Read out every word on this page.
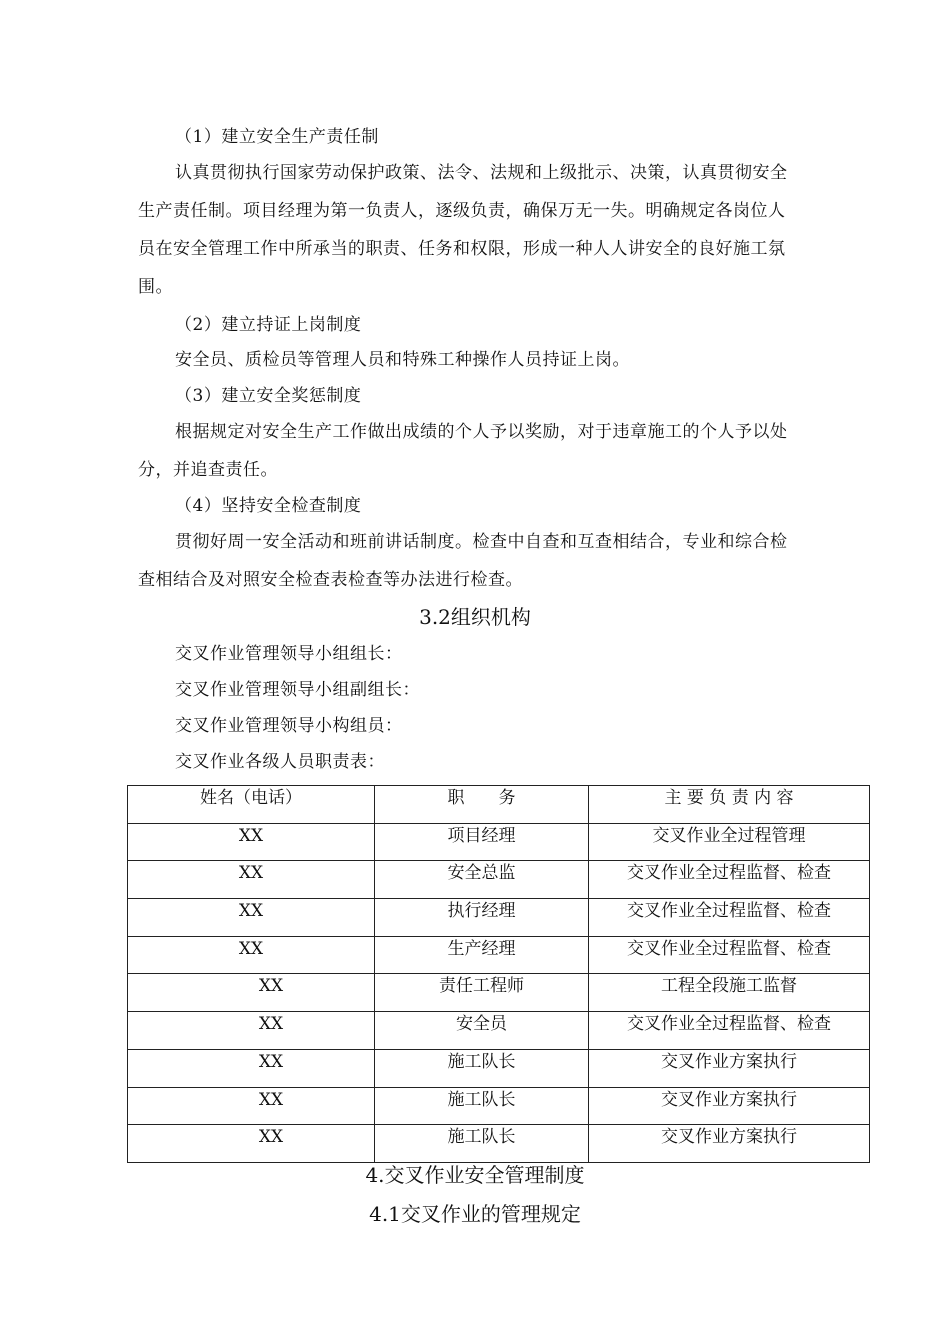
（1）建立安全生产责任制
认真贯彻执行国家劳动保护政策、法令、法规和上级批示、决策，认真贯彻安全
生产责任制。项目经理为第一负责人，逐级负责，确保万无一失。明确规定各岗位人
员在安全管理工作中所承当的职责、任务和权限，形成一种人人讲安全的良好施工氛
围。
（2）建立持证上岗制度
安全员、质检员等管理人员和特殊工种操作人员持证上岗。
（3）建立安全奖惩制度
根据规定对安全生产工作做出成绩的个人予以奖励，对于违章施工的个人予以处
分，并追查责任。
（4）坚持安全检查制度
贯彻好周一安全活动和班前讲话制度。检查中自查和互查相结合，专业和综合检
查相结合及对照安全检查表检查等办法进行检查。
3.2组织机构
交叉作业管理领导小组组长：
交叉作业管理领导小组副组长：
交叉作业管理领导小构组员：
交叉作业各级人员职责表：
姓名（电话）	职　　务	主 要 负 责 内 容
XX	项目经理	交叉作业全过程管理
XX	安全总监	交叉作业全过程监督、检查
XX	执行经理	交叉作业全过程监督、检查
XX	生产经理	交叉作业全过程监督、检查
XX	责任工程师	工程全段施工监督
XX	安全员	交叉作业全过程监督、检查
XX	施工队长	交叉作业方案执行
XX	施工队长	交叉作业方案执行
XX	施工队长	交叉作业方案执行
4.交叉作业安全管理制度
4.1交叉作业的管理规定
